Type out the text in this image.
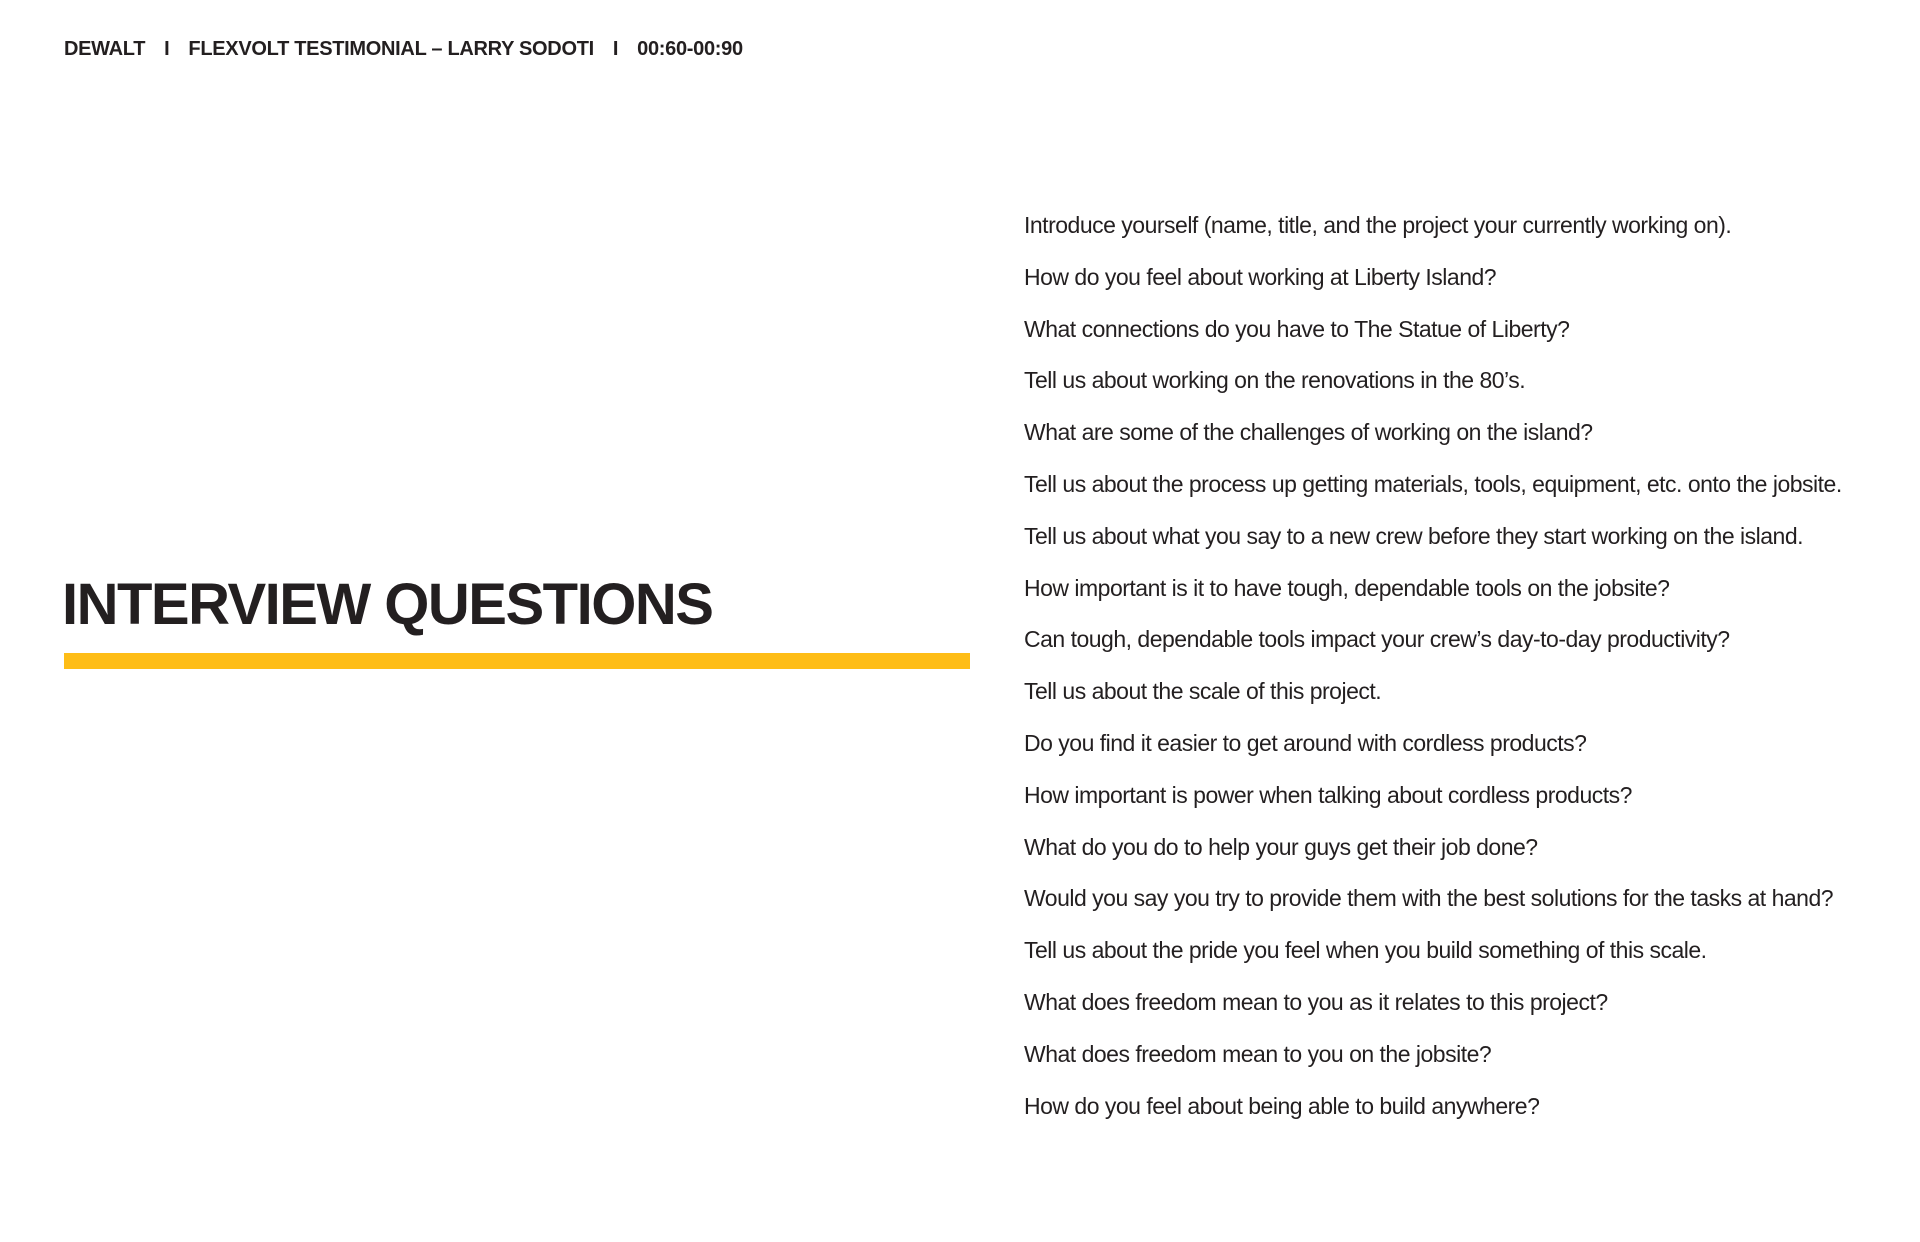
DEWALT I FLEXVOLT TESTIMONIAL – LARRY SODOTI I 00:60-00:90
INTERVIEW QUESTIONS
Introduce yourself (name, title, and the project your currently working on).
How do you feel about working at Liberty Island?
What connections do you have to The Statue of Liberty?
Tell us about working on the renovations in the 80’s.
What are some of the challenges of working on the island?
Tell us about the process up getting materials, tools, equipment, etc. onto the jobsite.
Tell us about what you say to a new crew before they start working on the island.
How important is it to have tough, dependable tools on the jobsite?
Can tough, dependable tools impact your crew’s day-to-day productivity?
Tell us about the scale of this project.
Do you find it easier to get around with cordless products?
How important is power when talking about cordless products?
What do you do to help your guys get their job done?
Would you say you try to provide them with the best solutions for the tasks at hand?
Tell us about the pride you feel when you build something of this scale.
What does freedom mean to you as it relates to this project?
What does freedom mean to you on the jobsite?
How do you feel about being able to build anywhere?
